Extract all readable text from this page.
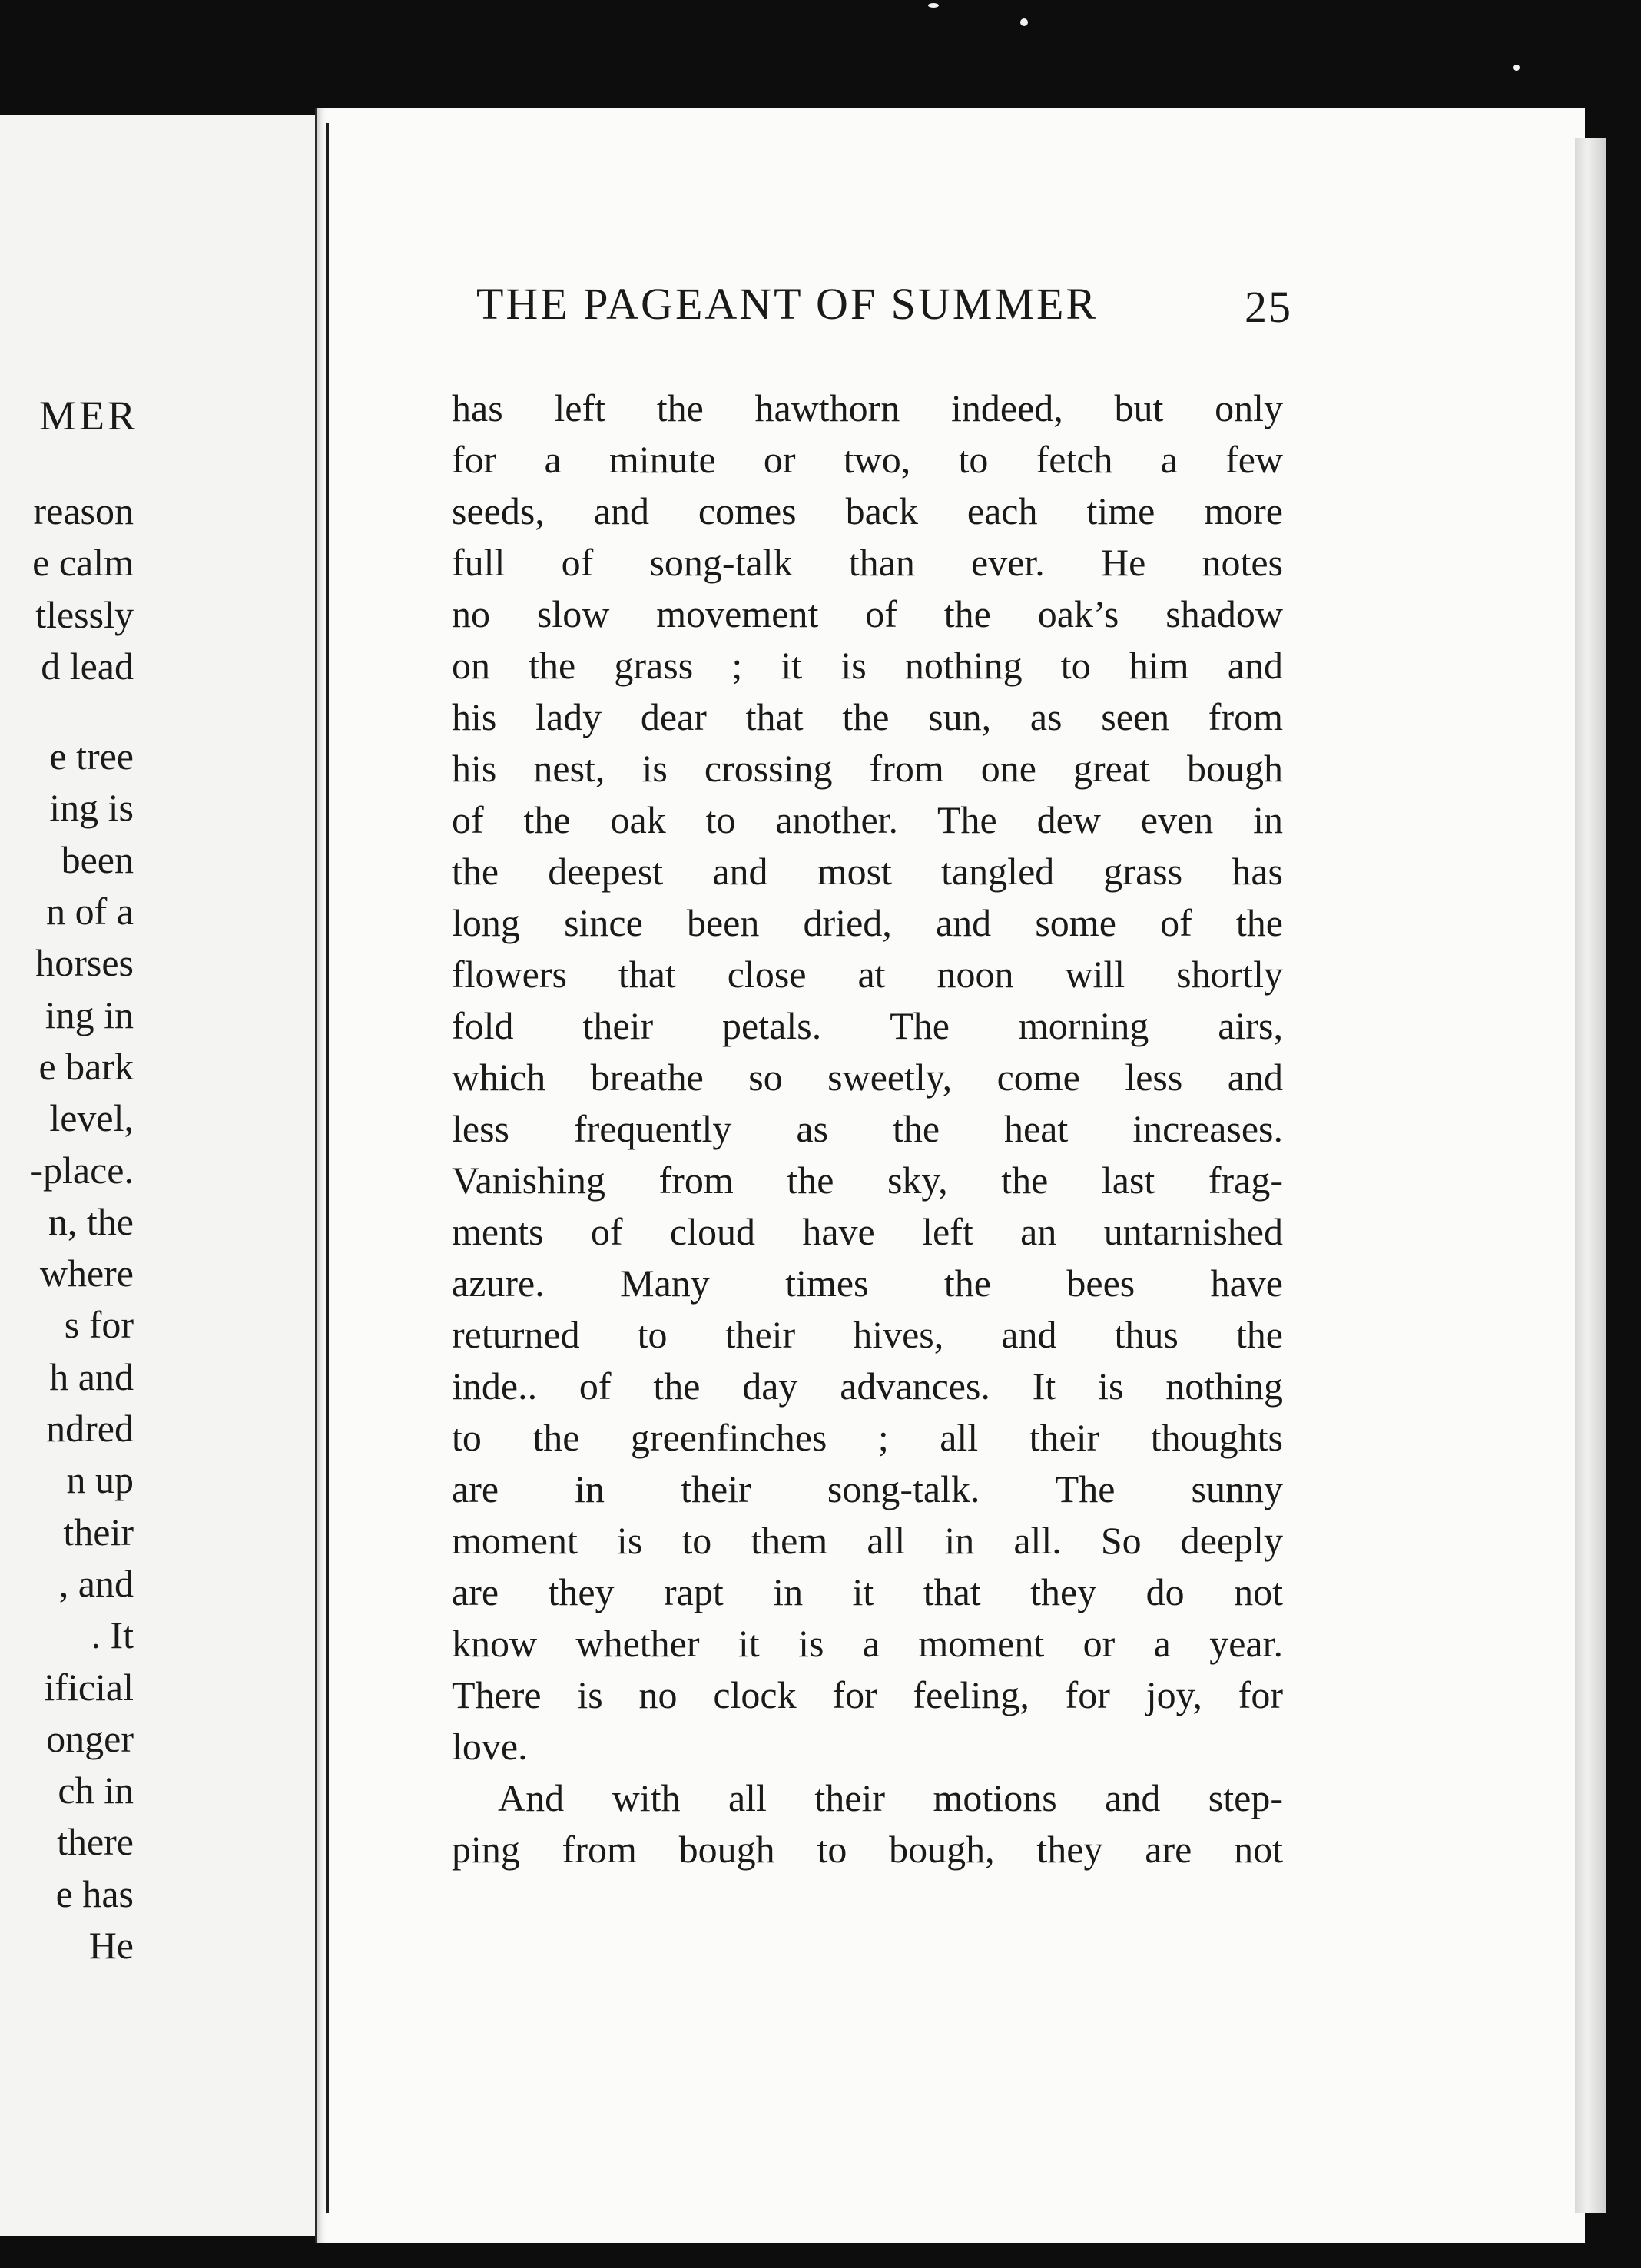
MER
reason
e calm
tlessly
d lead
e tree
ing is
been
n of a
horses
ing in
e bark
level,
-place.
n, the
where
s for
h and
ndred
n up
their
, and
. It
ificial
onger
ch in
there
e has
He
THE PAGEANT OF SUMMER	25
has left the hawthorn indeed, but only
for a minute or two, to fetch a few
seeds, and comes back each time more
full of song-talk than ever. He notes
no slow movement of the oak’s shadow
on the grass ; it is nothing to him and
his lady dear that the sun, as seen from
his nest, is crossing from one great bough
of the oak to another. The dew even in
the deepest and most tangled grass has
long since been dried, and some of the
flowers that close at noon will shortly
fold their petals. The morning airs,
which breathe so sweetly, come less and
less frequently as the heat increases.
Vanishing from the sky, the last frag-
ments of cloud have left an untarnished
azure. Many times the bees have
returned to their hives, and thus the
inde.. of the day advances. It is nothing
to the greenfinches ; all their thoughts
are in their song-talk. The sunny
moment is to them all in all. So deeply
are they rapt in it that they do not
know whether it is a moment or a year.
There is no clock for feeling, for joy, for
love.
And with all their motions and step-
ping from bough to bough, they are not
